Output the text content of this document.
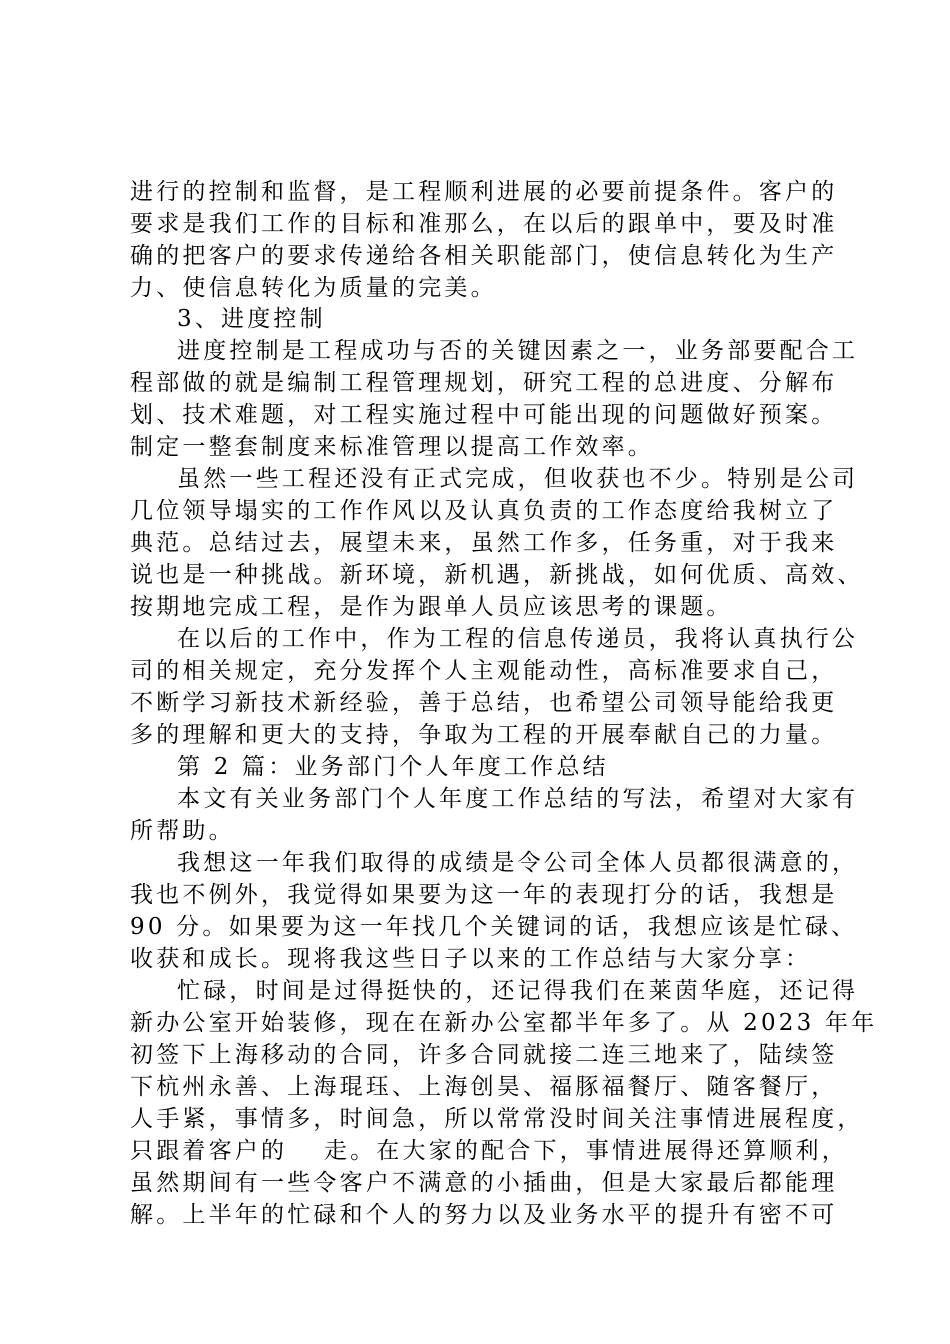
进行的控制和监督，是工程顺利进展的必要前提条件。客户的
要求是我们工作的目标和准那么，在以后的跟单中，要及时准
确的把客户的要求传递给各相关职能部门，使信息转化为生产
力、使信息转化为质量的完美。
3、进度控制
进度控制是工程成功与否的关键因素之一，业务部要配合工
程部做的就是编制工程管理规划，研究工程的总进度、分解布
划、技术难题，对工程实施过程中可能出现的问题做好预案。
制定一整套制度来标准管理以提高工作效率。
虽然一些工程还没有正式完成，但收获也不少。特别是公司
几位领导塌实的工作作风以及认真负责的工作态度给我树立了
典范。总结过去，展望未来，虽然工作多，任务重，对于我来
说也是一种挑战。新环境，新机遇，新挑战，如何优质、高效、
按期地完成工程，是作为跟单人员应该思考的课题。
在以后的工作中，作为工程的信息传递员，我将认真执行公
司的相关规定，充分发挥个人主观能动性，高标准要求自己，
不断学习新技术新经验，善于总结，也希望公司领导能给我更
多的理解和更大的支持，争取为工程的开展奉献自己的力量。
第 2 篇：业务部门个人年度工作总结
本文有关业务部门个人年度工作总结的写法，希望对大家有
所帮助。
我想这一年我们取得的成绩是令公司全体人员都很满意的，
我也不例外，我觉得如果要为这一年的表现打分的话，我想是
90 分。如果要为这一年找几个关键词的话，我想应该是忙碌、
收获和成长。现将我这些日子以来的工作总结与大家分享：
忙碌，时间是过得挺快的，还记得我们在莱茵华庭，还记得
新办公室开始装修，现在在新办公室都半年多了。从 2023 年年
初签下上海移动的合同，许多合同就接二连三地来了，陆续签
下杭州永善、上海琨珏、上海创昊、福豚福餐厅、随客餐厅，
人手紧，事情多，时间急，所以常常没时间关注事情进展程度，
只跟着客户的　 走。在大家的配合下，事情进展得还算顺利，
虽然期间有一些令客户不满意的小插曲，但是大家最后都能理
解。上半年的忙碌和个人的努力以及业务水平的提升有密不可
